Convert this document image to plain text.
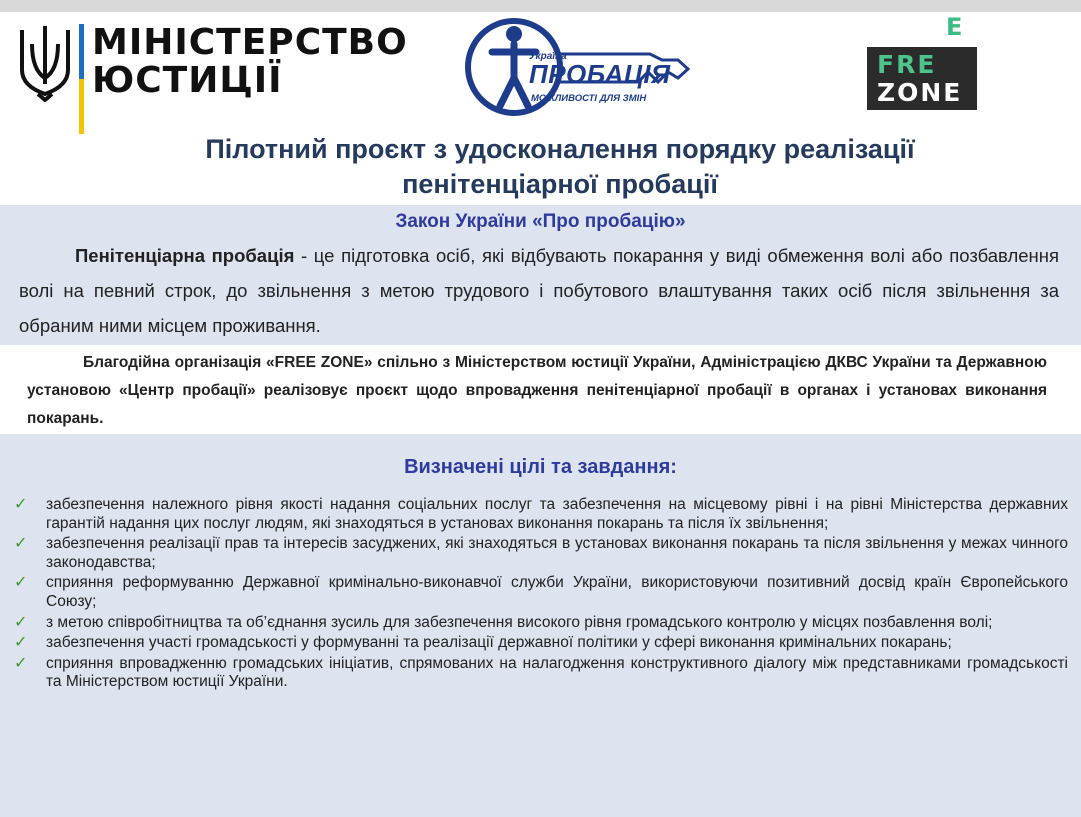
МІНІСТЕРСТВО
ЮСТИЦІЇ
Україна
ПРОБАЦІЯ
МОЖЛИВОСТІ ДЛЯ ЗМІН
E
FRE
ZONE
Пілотний проєкт з удосконалення порядку реалізації
пенітенціарної пробації
Закон України «Про пробацію»
Пенітенціарна пробація - це підготовка осіб, які відбувають покарання у виді обмеження волі або позбавлення волі на певний строк, до звільнення з метою трудового і побутового влаштування таких осіб після звільнення за обраним ними місцем проживання.
Благодійна організація «FREE ZONE» спільно з Міністерством юстиції України, Адміністрацією ДКВС України та Державною установою «Центр пробації» реалізовує проєкт щодо впровадження пенітенціарної пробації в органах і установах виконання покарань.
Визначені цілі та завдання:
✓ забезпечення належного рівня якості надання соціальних послуг та забезпечення на місцевому рівні і на рівні Міністерства державних гарантій надання цих послуг людям, які знаходяться в установах виконання покарань та після їх звільнення;
✓ забезпечення реалізації прав та інтересів засуджених, які знаходяться в установах виконання покарань та після звільнення у межах чинного законодавства;
✓ сприяння реформуванню Державної кримінально-виконавчої служби України, використовуючи позитивний досвід країн Європейського Союзу;
✓ з метою співробітництва та об’єднання зусиль для забезпечення високого рівня громадського контролю у місцях позбавлення волі;
✓ забезпечення участі громадськості у формуванні та реалізації державної політики у сфері виконання кримінальних покарань;
✓ сприяння впровадженню громадських ініціатив, спрямованих на налагодження конструктивного діалогу між представниками громадськості та Міністерством юстиції України.
